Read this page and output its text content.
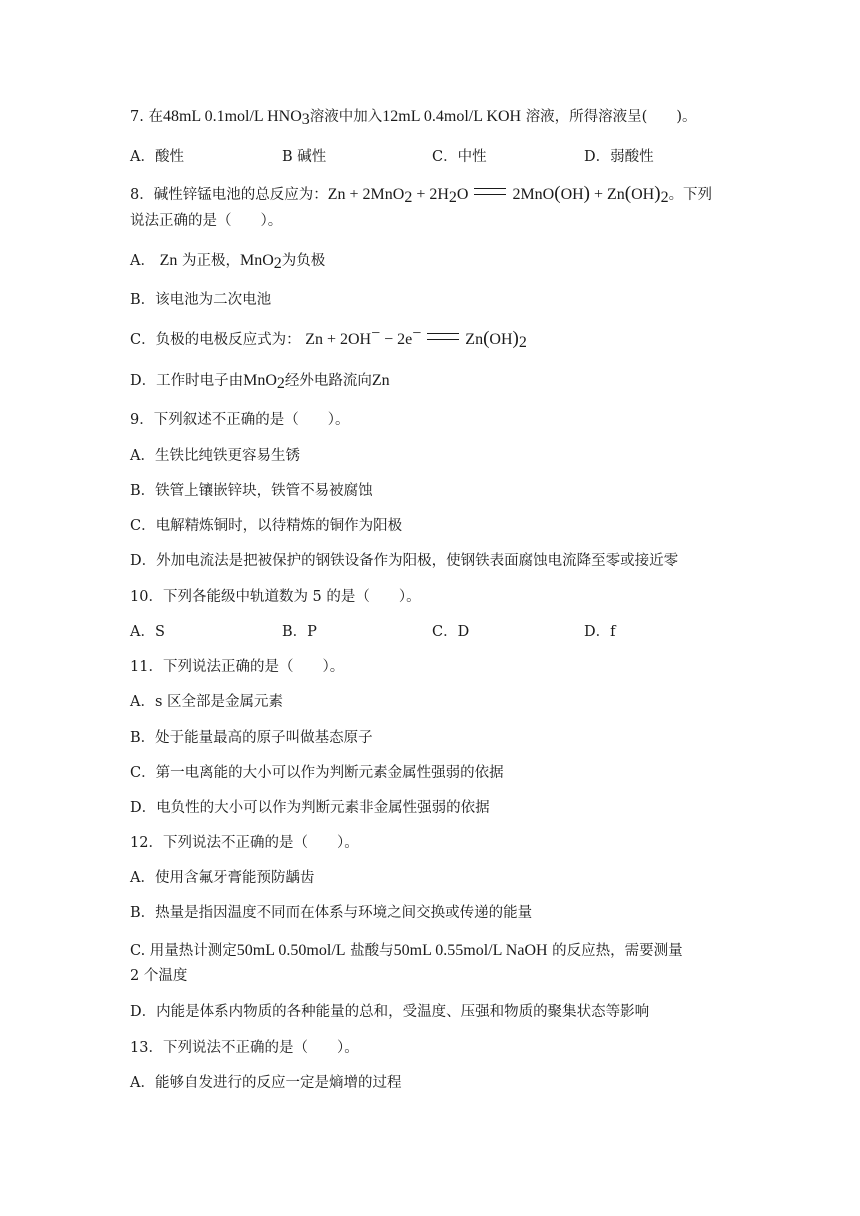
7. 在48mL 0.1mol/L $HNO_3$溶液中加入12mL 0.4mol/L KOH 溶液，所得溶液呈(　　)。
A．酸性	B 碱性	C．中性	D．弱酸性
8．碱性锌锰电池的总反应为：$Zn + 2MnO_2 + 2H_2O$	$2MnO(OH) + Zn(OH)_2$。下列
说法正确的是（　　）。
A． Zn 为正极，MnO$_2$为负极
B．该电池为二次电池
C．负极的电极反应式为： Zn + 2OH− − 2e−	$Zn(OH)_2$
D．工作时电子由MnO$_2$经外电路流向Zn
9．下列叙述不正确的是（　　）。
A．生铁比纯铁更容易生锈
B．铁管上镶嵌锌块，铁管不易被腐蚀
C．电解精炼铜时，以待精炼的铜作为阳极
D．外加电流法是把被保护的钢铁设备作为阳极，使钢铁表面腐蚀电流降至零或接近零
10．下列各能级中轨道数为 5 的是（　　）。
A．S	B．P	C．D	D．f
11．下列说法正确的是（　　）。
A．s 区全部是金属元素
B．处于能量最高的原子叫做基态原子
C．第一电离能的大小可以作为判断元素金属性强弱的依据
D．电负性的大小可以作为判断元素非金属性强弱的依据
12．下列说法不正确的是（　　）。
A．使用含氟牙膏能预防龋齿
B．热量是指因温度不同而在体系与环境之间交换或传递的能量
C. 用量热计测定50mL 0.50mol/L 盐酸与50mL 0.55mol/L NaOH 的反应热，需要测量
2 个温度
D．内能是体系内物质的各种能量的总和，受温度、压强和物质的聚集状态等影响
13．下列说法不正确的是（　　）。
A．能够自发进行的反应一定是熵增的过程
